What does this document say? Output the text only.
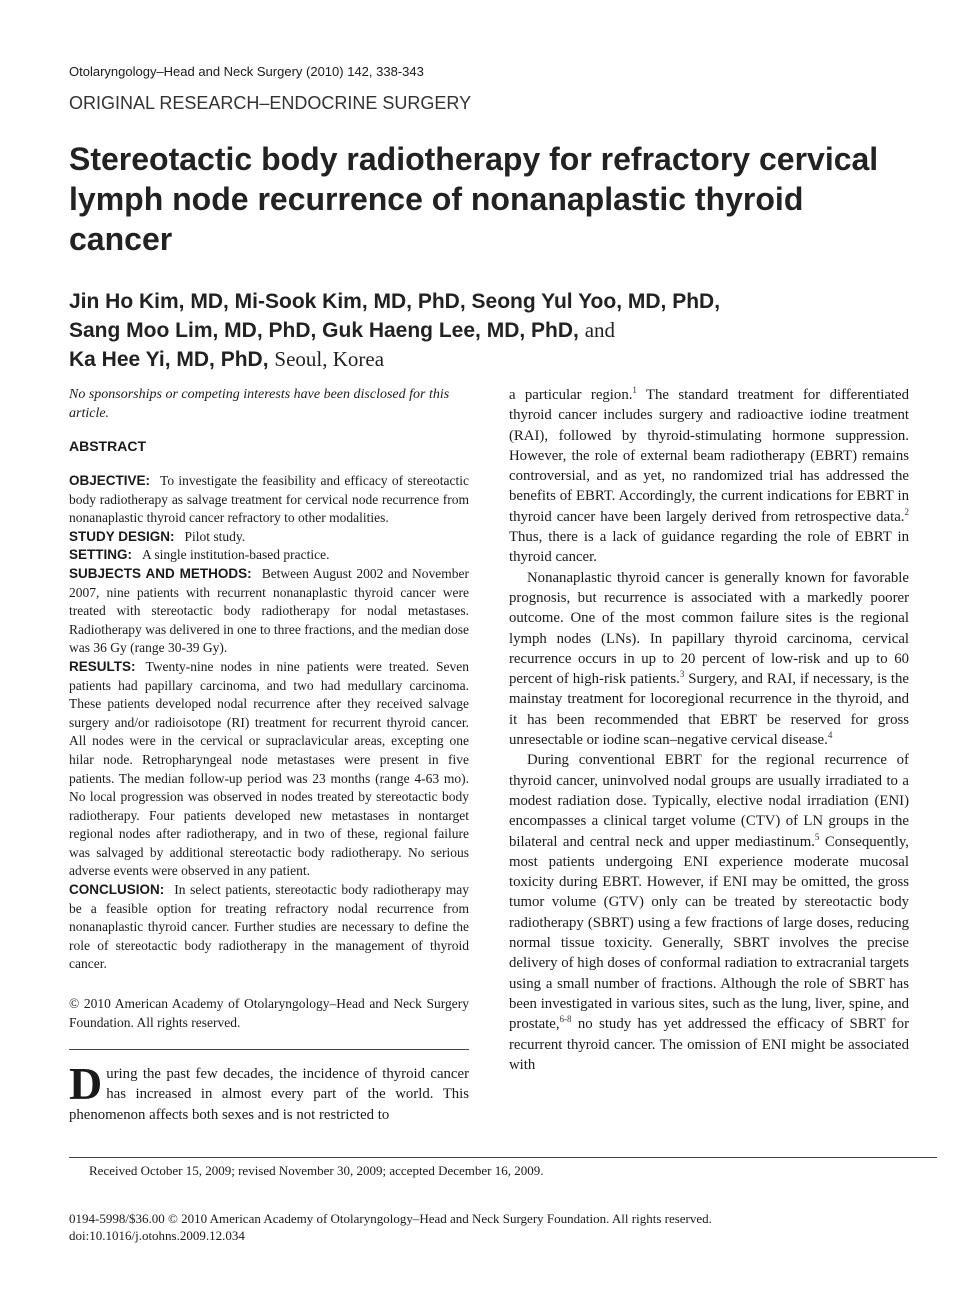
Otolaryngology–Head and Neck Surgery (2010) 142, 338-343
ORIGINAL RESEARCH–ENDOCRINE SURGERY
Stereotactic body radiotherapy for refractory cervical lymph node recurrence of nonanaplastic thyroid cancer
Jin Ho Kim, MD, Mi-Sook Kim, MD, PhD, Seong Yul Yoo, MD, PhD,
Sang Moo Lim, MD, PhD, Guk Haeng Lee, MD, PhD, and
Ka Hee Yi, MD, PhD, Seoul, Korea

No sponsorships or competing interests have been disclosed for this article.

ABSTRACT

OBJECTIVE: To investigate the feasibility and efficacy of stereotactic body radiotherapy as salvage treatment for cervical node recurrence from nonanaplastic thyroid cancer refractory to other modalities.

STUDY DESIGN: Pilot study.

SETTING: A single institution-based practice.

SUBJECTS AND METHODS: Between August 2002 and November 2007, nine patients with recurrent nonanaplastic thyroid cancer were treated with stereotactic body radiotherapy for nodal metastases. Radiotherapy was delivered in one to three fractions, and the median dose was 36 Gy (range 30-39 Gy).

RESULTS: Twenty-nine nodes in nine patients were treated. Seven patients had papillary carcinoma, and two had medullary carcinoma. These patients developed nodal recurrence after they received salvage surgery and/or radioisotope (RI) treatment for recurrent thyroid cancer. All nodes were in the cervical or supraclavicular areas, excepting one hilar node. Retropharyngeal node metastases were present in five patients. The median follow-up period was 23 months (range 4-63 mo). No local progression was observed in nodes treated by stereotactic body radiotherapy. Four patients developed new metastases in nontarget regional nodes after radiotherapy, and in two of these, regional failure was salvaged by additional stereotactic body radiotherapy. No serious adverse events were observed in any patient.

CONCLUSION: In select patients, stereotactic body radiotherapy may be a feasible option for treating refractory nodal recurrence from nonanaplastic thyroid cancer. Further studies are necessary to define the role of stereotactic body radiotherapy in the management of thyroid cancer.

© 2010 American Academy of Otolaryngology–Head and Neck Surgery Foundation. All rights reserved.

During the past few decades, the incidence of thyroid cancer has increased in almost every part of the world. This phenomenon affects both sexes and is not restricted to

a particular region.$^1$ The standard treatment for differentiated thyroid cancer includes surgery and radioactive iodine treatment (RAI), followed by thyroid-stimulating hormone suppression. However, the role of external beam radiotherapy (EBRT) remains controversial, and as yet, no randomized trial has addressed the benefits of EBRT. Accordingly, the current indications for EBRT in thyroid cancer have been largely derived from retrospective data.$^2$ Thus, there is a lack of guidance regarding the role of EBRT in thyroid cancer.

Nonanaplastic thyroid cancer is generally known for favorable prognosis, but recurrence is associated with a markedly poorer outcome. One of the most common failure sites is the regional lymph nodes (LNs). In papillary thyroid carcinoma, cervical recurrence occurs in up to 20 percent of low-risk and up to 60 percent of high-risk patients.$^3$ Surgery, and RAI, if necessary, is the mainstay treatment for locoregional recurrence in the thyroid, and it has been recommended that EBRT be reserved for gross unresectable or iodine scan–negative cervical disease.$^4$

During conventional EBRT for the regional recurrence of thyroid cancer, uninvolved nodal groups are usually irradiated to a modest radiation dose. Typically, elective nodal irradiation (ENI) encompasses a clinical target volume (CTV) of LN groups in the bilateral and central neck and upper mediastinum.$^5$ Consequently, most patients undergoing ENI experience moderate mucosal toxicity during EBRT. However, if ENI may be omitted, the gross tumor volume (GTV) only can be treated by stereotactic body radiotherapy (SBRT) using a few fractions of large doses, reducing normal tissue toxicity. Generally, SBRT involves the precise delivery of high doses of conformal radiation to extracranial targets using a small number of fractions. Although the role of SBRT has been investigated in various sites, such as the lung, liver, spine, and prostate,$^{6-8}$ no study has yet addressed the efficacy of SBRT for recurrent thyroid cancer. The omission of ENI might be associated with

Received October 15, 2009; revised November 30, 2009; accepted December 16, 2009.
0194-5998/$36.00 © 2010 American Academy of Otolaryngology–Head and Neck Surgery Foundation. All rights reserved.
doi:10.1016/j.otohns.2009.12.034
